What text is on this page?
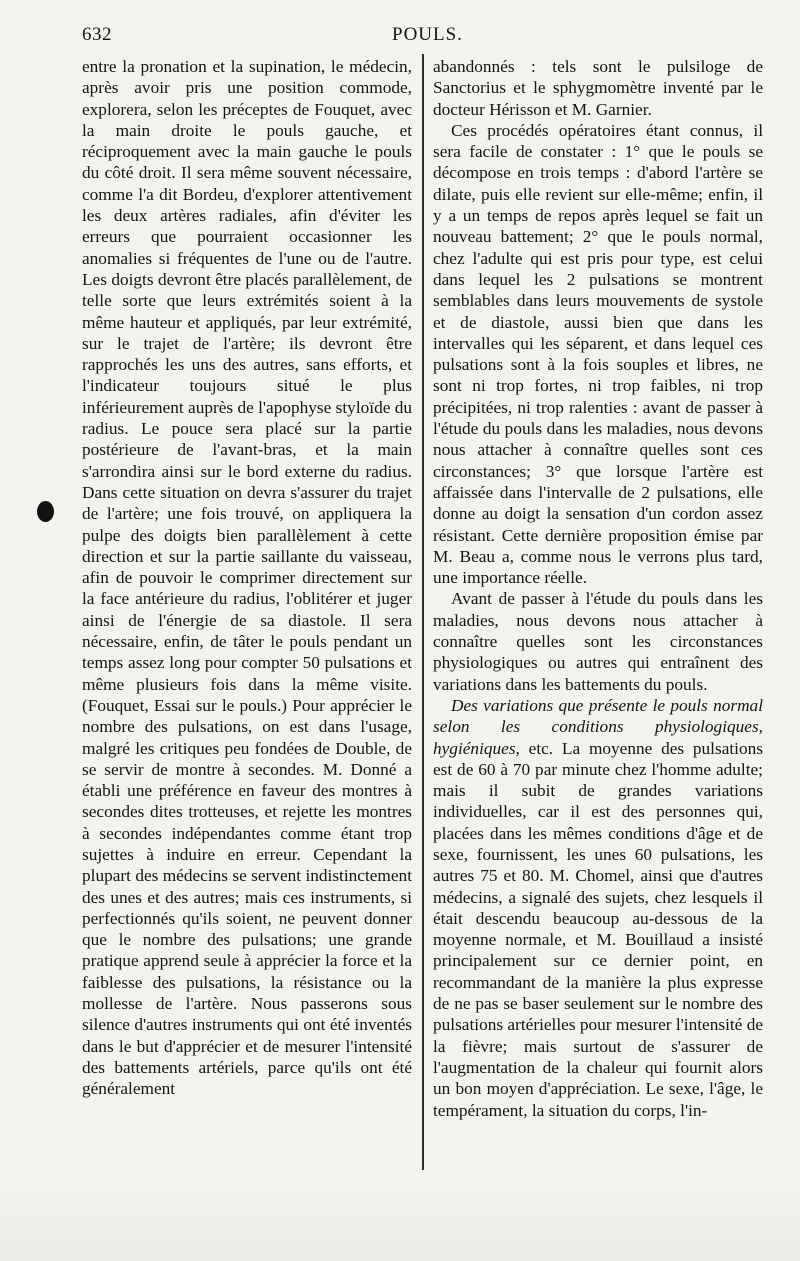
632	POULS.

entre la pronation et la supination, le médecin, après avoir pris une position commode, explorera, selon les préceptes de Fouquet, avec la main droite le pouls gauche, et réciproquement avec la main gauche le pouls du côté droit. Il sera même souvent nécessaire, comme l'a dit Bordeu, d'explorer attentivement les deux artères radiales, afin d'éviter les erreurs que pourraient occasionner les anomalies si fréquentes de l'une ou de l'autre. Les doigts devront être placés parallèlement, de telle sorte que leurs extrémités soient à la même hauteur et appliqués, par leur extrémité, sur le trajet de l'artère; ils devront être rapprochés les uns des autres, sans efforts, et l'indicateur toujours situé le plus inférieurement auprès de l'apophyse styloïde du radius. Le pouce sera placé sur la partie postérieure de l'avant-bras, et la main s'arrondira ainsi sur le bord externe du radius. Dans cette situation on devra s'assurer du trajet de l'artère; une fois trouvé, on appliquera la pulpe des doigts bien parallèlement à cette direction et sur la partie saillante du vaisseau, afin de pouvoir le comprimer directement sur la face antérieure du radius, l'oblitérer et juger ainsi de l'énergie de sa diastole. Il sera nécessaire, enfin, de tâter le pouls pendant un temps assez long pour compter 50 pulsations et même plusieurs fois dans la même visite. (Fouquet, Essai sur le pouls.) Pour apprécier le nombre des pulsations, on est dans l'usage, malgré les critiques peu fondées de Double, de se servir de montre à secondes. M. Donné a établi une préférence en faveur des montres à secondes dites trotteuses, et rejette les montres à secondes indépendantes comme étant trop sujettes à induire en erreur. Cependant la plupart des médecins se servent indistinctement des unes et des autres; mais ces instruments, si perfectionnés qu'ils soient, ne peuvent donner que le nombre des pulsations; une grande pratique apprend seule à apprécier la force et la faiblesse des pulsations, la résistance ou la mollesse de l'artère. Nous passerons sous silence d'autres instruments qui ont été inventés dans le but d'apprécier et de mesurer l'intensité des battements artériels, parce qu'ils ont été généralement

abandonnés : tels sont le pulsiloge de Sanctorius et le sphygmomètre inventé par le docteur Hérisson et M. Garnier.

Ces procédés opératoires étant connus, il sera facile de constater : 1° que le pouls se décompose en trois temps : d'abord l'artère se dilate, puis elle revient sur elle-même; enfin, il y a un temps de repos après lequel se fait un nouveau battement; 2° que le pouls normal, chez l'adulte qui est pris pour type, est celui dans lequel les 2 pulsations se montrent semblables dans leurs mouvements de systole et de diastole, aussi bien que dans les intervalles qui les séparent, et dans lequel ces pulsations sont à la fois souples et libres, ne sont ni trop fortes, ni trop faibles, ni trop précipitées, ni trop ralenties : avant de passer à l'étude du pouls dans les maladies, nous devons nous attacher à connaître quelles sont ces circonstances; 3° que lorsque l'artère est affaissée dans l'intervalle de 2 pulsations, elle donne au doigt la sensation d'un cordon assez résistant. Cette dernière proposition émise par M. Beau a, comme nous le verrons plus tard, une importance réelle.

Avant de passer à l'étude du pouls dans les maladies, nous devons nous attacher à connaître quelles sont les circonstances physiologiques ou autres qui entraînent des variations dans les battements du pouls.

Des variations que présente le pouls normal selon les conditions physiologiques, hygiéniques, etc. La moyenne des pulsations est de 60 à 70 par minute chez l'homme adulte; mais il subit de grandes variations individuelles, car il est des personnes qui, placées dans les mêmes conditions d'âge et de sexe, fournissent, les unes 60 pulsations, les autres 75 et 80. M. Chomel, ainsi que d'autres médecins, a signalé des sujets, chez lesquels il était descendu beaucoup au-dessous de la moyenne normale, et M. Bouillaud a insisté principalement sur ce dernier point, en recommandant de la manière la plus expresse de ne pas se baser seulement sur le nombre des pulsations artérielles pour mesurer l'intensité de la fièvre; mais surtout de s'assurer de l'augmentation de la chaleur qui fournit alors un bon moyen d'appréciation. Le sexe, l'âge, le tempérament, la situation du corps, l'in-
